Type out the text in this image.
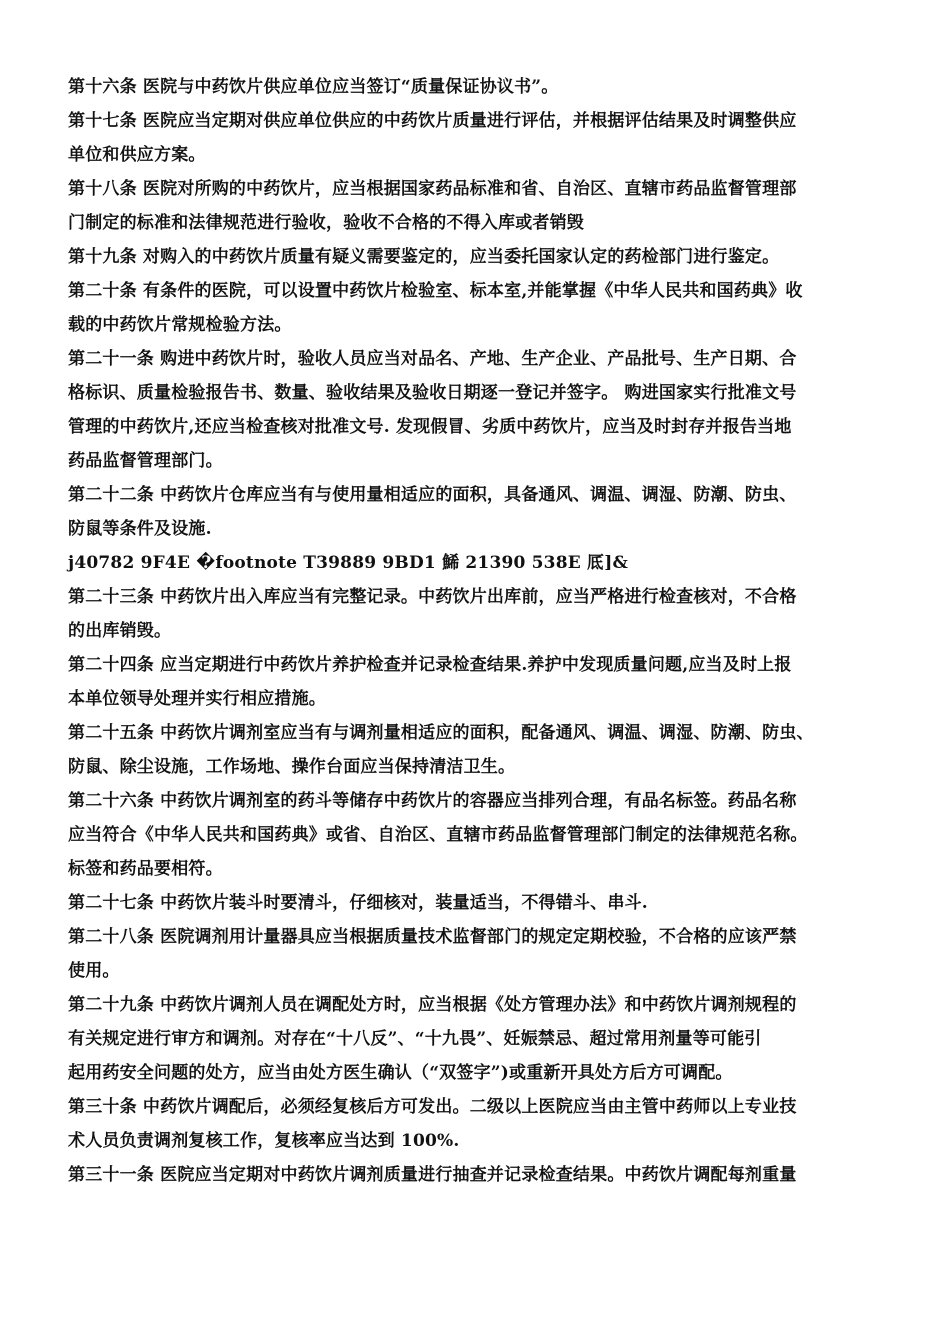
第十六条 医院与中药饮片供应单位应当签订“质量保证协议书”。
第十七条 医院应当定期对供应单位供应的中药饮片质量进行评估，并根据评估结果及时调整供应
单位和供应方案。
第十八条 医院对所购的中药饮片，应当根据国家药品标准和省、自治区、直辖市药品监督管理部
门制定的标准和法律规范进行验收，验收不合格的不得入库或者销毁
第十九条 对购入的中药饮片质量有疑义需要鉴定的，应当委托国家认定的药检部门进行鉴定。
第二十条 有条件的医院，可以设置中药饮片检验室、标本室,并能掌握《中华人民共和国药典》收
载的中药饮片常规检验方法。
第二十一条 购进中药饮片时，验收人员应当对品名、产地、生产企业、产品批号、生产日期、合
格标识、质量检验报告书、数量、验收结果及验收日期逐一登记并签字。 购进国家实行批准文号
管理的中药饮片,还应当检查核对批准文号. 发现假冒、劣质中药饮片，应当及时封存并报告当地
药品监督管理部门。
第二十二条 中药饮片仓库应当有与使用量相适应的面积，具备通风、调温、调湿、防潮、防虫、
防鼠等条件及设施.
j40782 9F4E �footnote T39889 9BD1 鯑 21390 538E 厎]&
第二十三条 中药饮片出入库应当有完整记录。中药饮片出库前，应当严格进行检查核对，不合格
的出库销毁。
第二十四条 应当定期进行中药饮片养护检查并记录检查结果.养护中发现质量问题,应当及时上报
本单位领导处理并实行相应措施。
第二十五条 中药饮片调剂室应当有与调剂量相适应的面积，配备通风、调温、调湿、防潮、防虫、
防鼠、除尘设施，工作场地、操作台面应当保持清洁卫生。
第二十六条 中药饮片调剂室的药斗等储存中药饮片的容器应当排列合理，有品名标签。药品名称
应当符合《中华人民共和国药典》或省、自治区、直辖市药品监督管理部门制定的法律规范名称。
标签和药品要相符。
第二十七条 中药饮片装斗时要清斗，仔细核对，装量适当，不得错斗、串斗.
第二十八条 医院调剂用计量器具应当根据质量技术监督部门的规定定期校验，不合格的应该严禁
使用。
第二十九条 中药饮片调剂人员在调配处方时，应当根据《处方管理办法》和中药饮片调剂规程的
有关规定进行审方和调剂。对存在“十八反”、“十九畏”、妊娠禁忌、超过常用剂量等可能引
起用药安全问题的处方，应当由处方医生确认（“双签字”)或重新开具处方后方可调配。
第三十条 中药饮片调配后，必须经复核后方可发出。二级以上医院应当由主管中药师以上专业技
术人员负责调剂复核工作，复核率应当达到 100%.
第三十一条 医院应当定期对中药饮片调剂质量进行抽查并记录检查结果。中药饮片调配每剂重量
